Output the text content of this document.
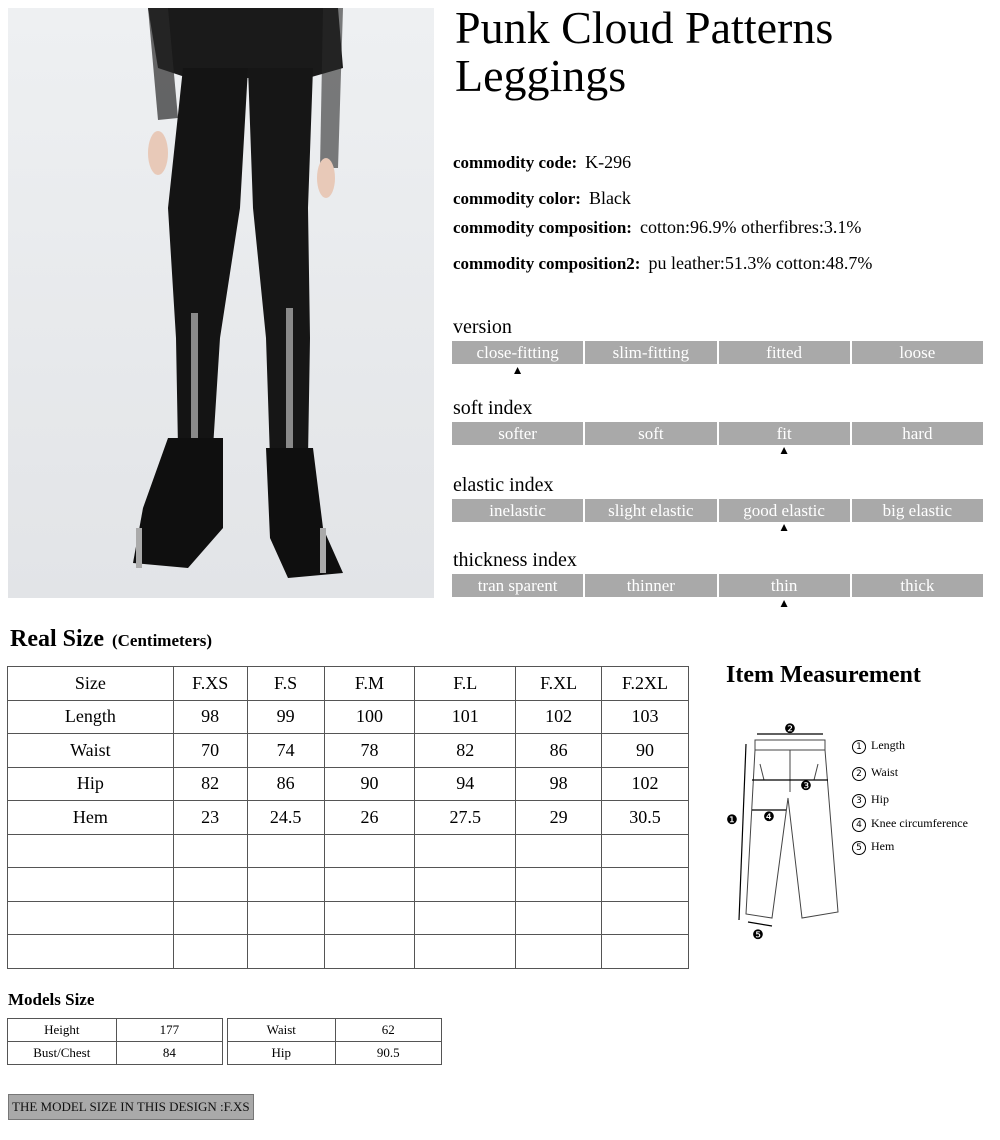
Punk Cloud Patterns Leggings
commodity code: K-296
commodity color: Black
commodity composition: cotton:96.9% otherfibres:3.1%
commodity composition2: pu leather:51.3% cotton:48.7%
version
close-fitting	slim-fitting	fitted	loose
▲
soft index
softer	soft	fit	hard
▲
elastic index
inelastic	slight elastic	good elastic	big elastic
▲
thickness index
tran sparent	thinner	thin	thick
▲
Real Size (Centimeters)
Size	F.XS	F.S	F.M	F.L	F.XL	F.2XL
Length	98	99	100	101	102	103
Waist	70	74	78	82	86	90
Hip	82	86	90	94	98	102
Hem	23	24.5	26	27.5	29	30.5

Item Measurement
❷
❸
❹
❶
❺
1 Length
2 Waist
3 Hip
4 Knee circumference
5 Hem
Models Size
Height	177
Bust/Chest	84
Waist	62
Hip	90.5
THE MODEL SIZE IN THIS DESIGN :F.XS
